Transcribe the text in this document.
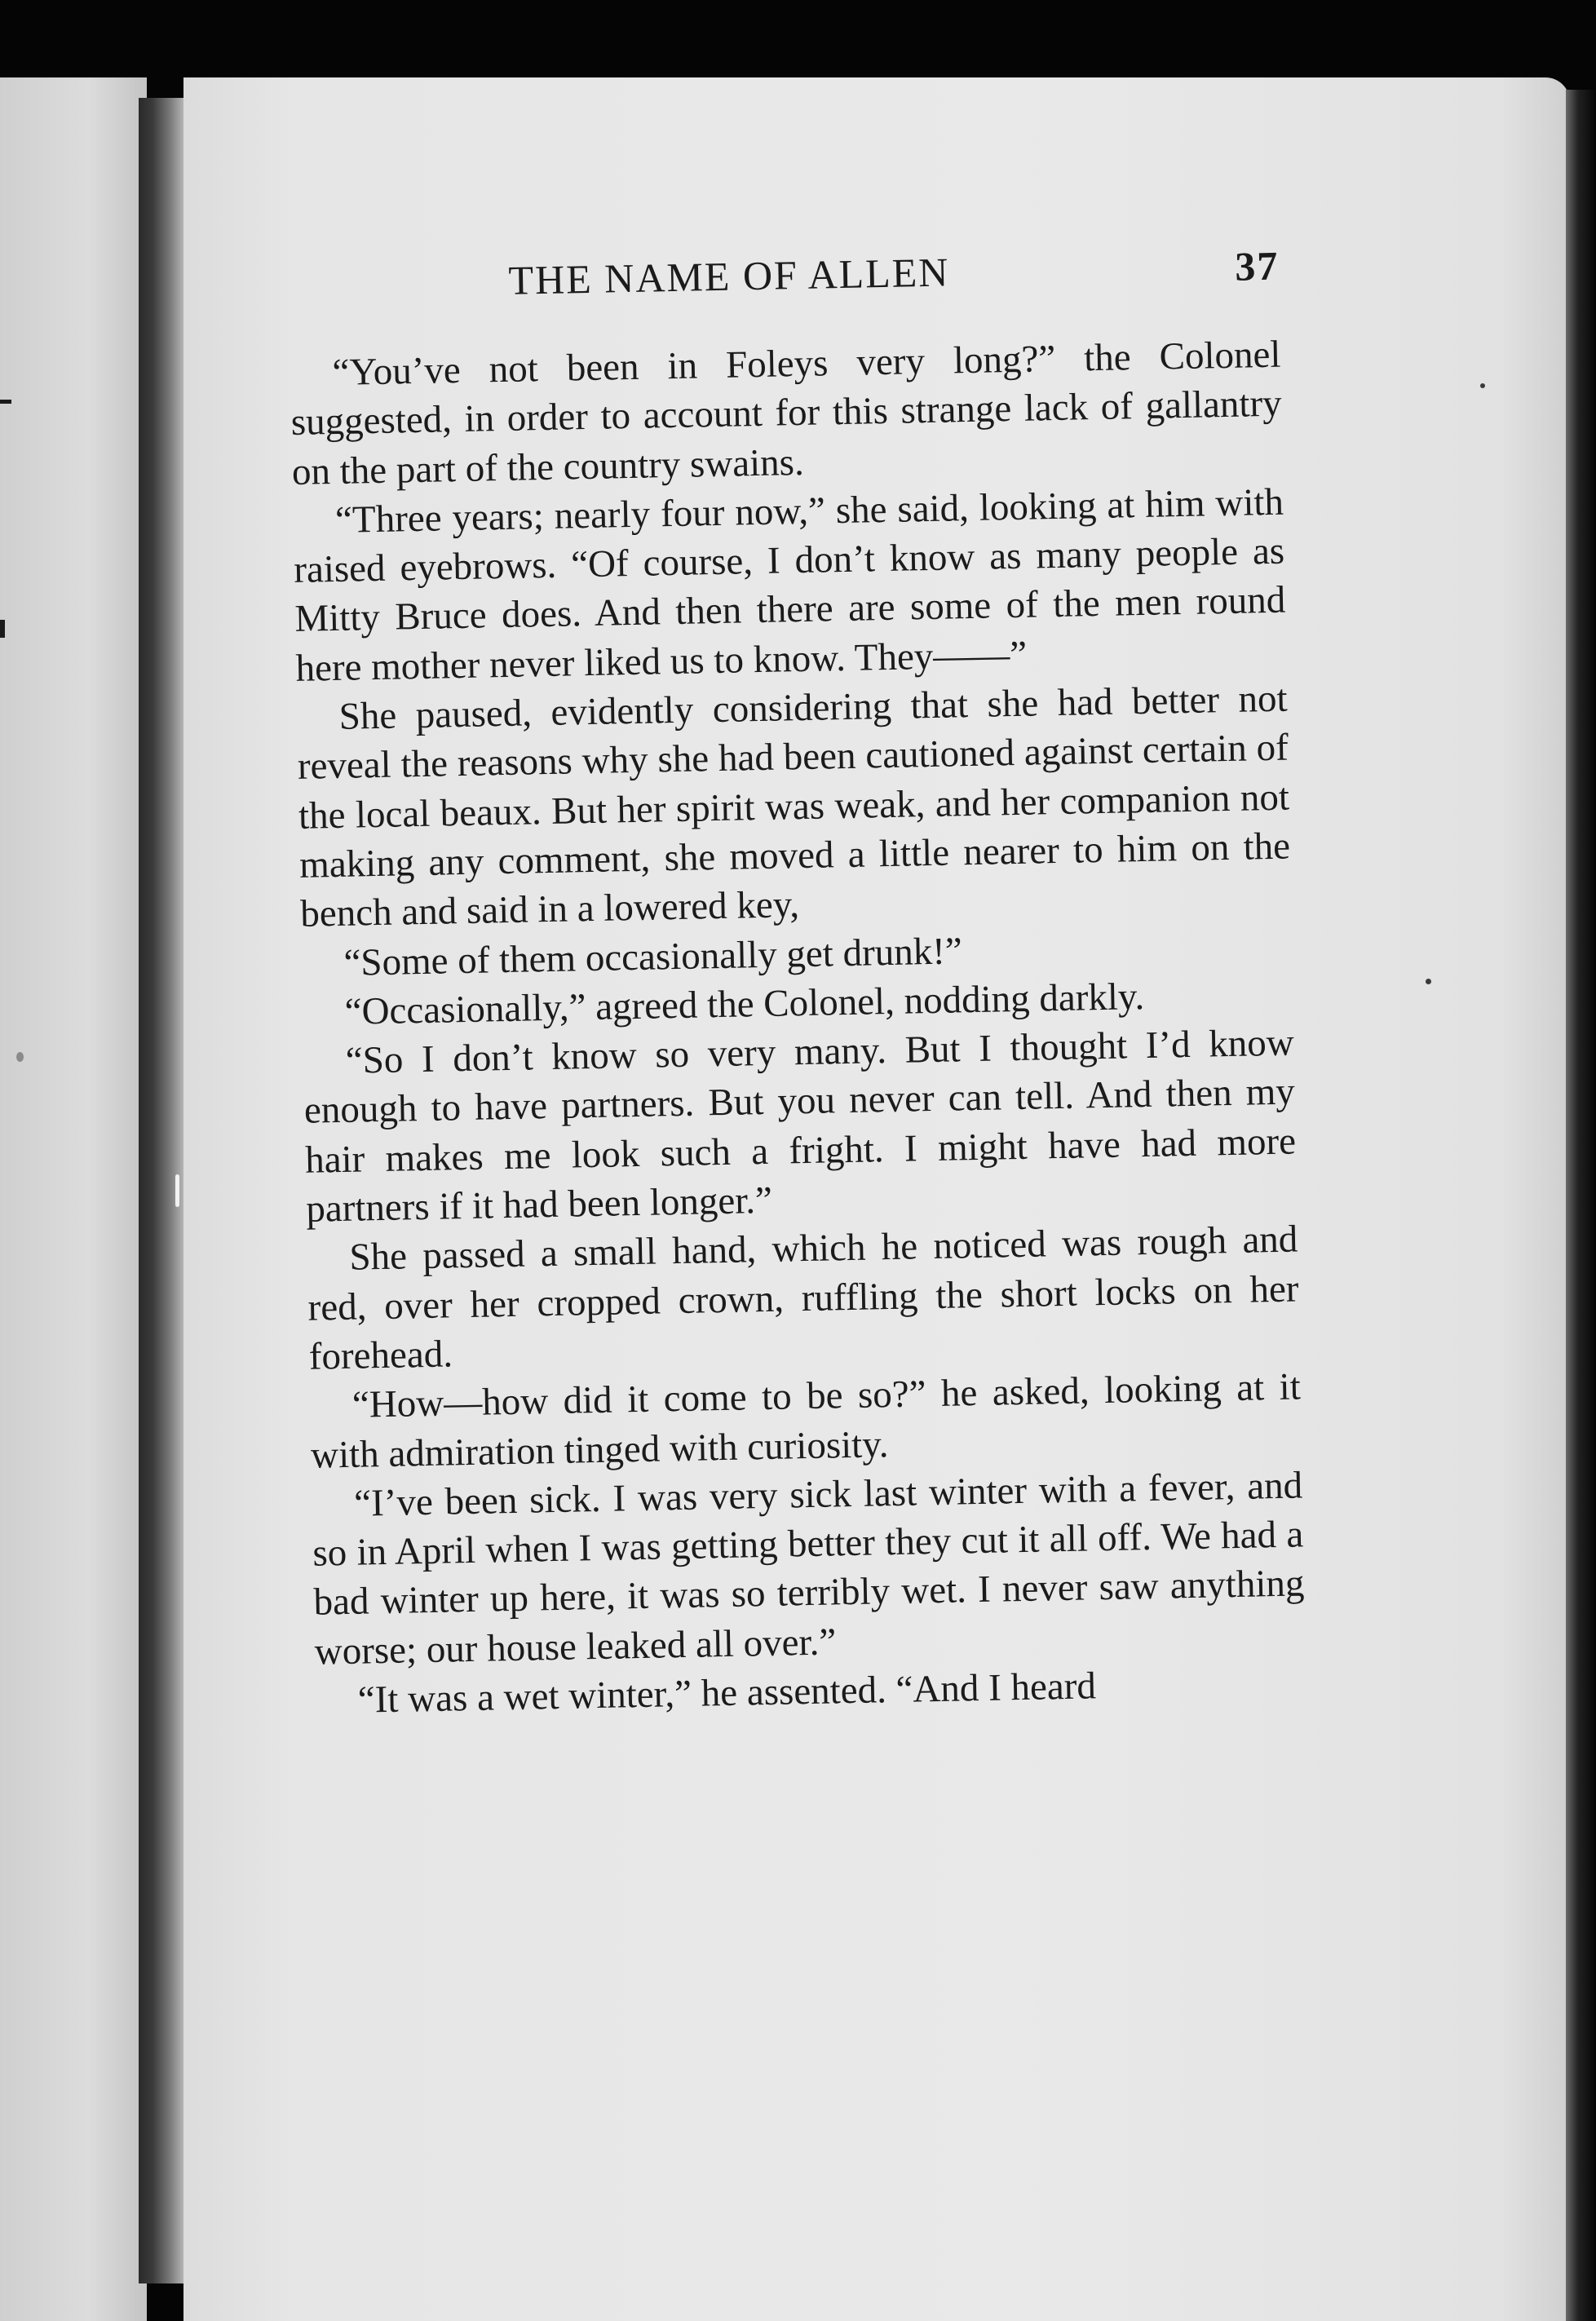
THE NAME OF ALLEN	37

“You’ve not been in Foleys very long?” the Colonel suggested, in order to account for this strange lack of gallantry on the part of the country swains.

“Three years; nearly four now,” she said, looking at him with raised eyebrows. “Of course, I don’t know as many people as Mitty Bruce does. And then there are some of the men round here mother never liked us to know. They——”

She paused, evidently considering that she had better not reveal the reasons why she had been cautioned against certain of the local beaux. But her spirit was weak, and her companion not making any comment, she moved a little nearer to him on the bench and said in a lowered key,

“Some of them occasionally get drunk!”

“Occasionally,” agreed the Colonel, nodding darkly.

“So I don’t know so very many. But I thought I’d know enough to have partners. But you never can tell. And then my hair makes me look such a fright. I might have had more partners if it had been longer.”

She passed a small hand, which he noticed was rough and red, over her cropped crown, ruffling the short locks on her forehead.

“How—how did it come to be so?” he asked, looking at it with admiration tinged with curiosity.

“I’ve been sick. I was very sick last winter with a fever, and so in April when I was getting better they cut it all off. We had a bad winter up here, it was so terribly wet. I never saw anything worse; our house leaked all over.”

“It was a wet winter,” he assented. “And I heard
